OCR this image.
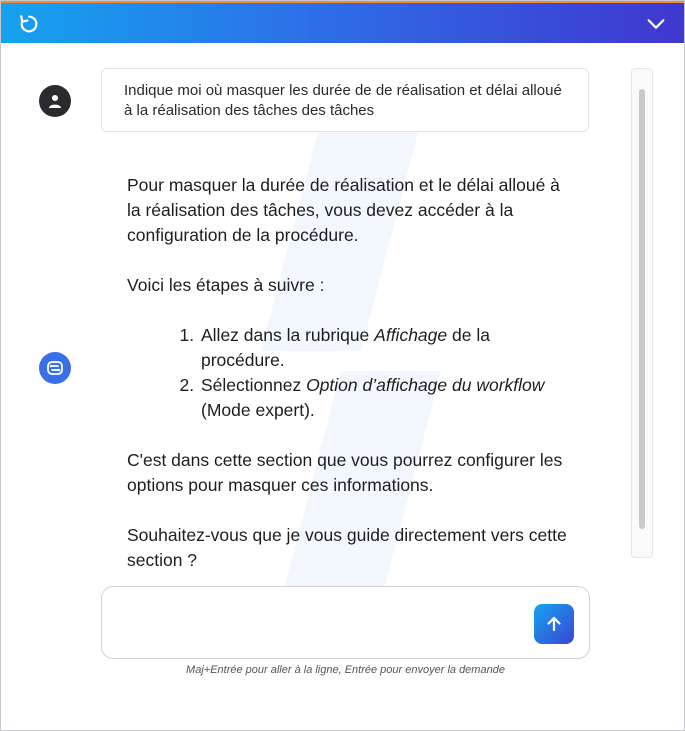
Indique moi où masquer les durée de de réalisation et délai alloué à la réalisation des tâches des tâches

Pour masquer la durée de réalisation et le délai alloué à la réalisation des tâches, vous devez accéder à la configuration de la procédure.

Voici les étapes à suivre :

1. Allez dans la rubrique Affichage de la procédure.
2. Sélectionnez Option d’affichage du workflow (Mode expert).

C'est dans cette section que vous pourrez configurer les options pour masquer ces informations.

Souhaitez-vous que je vous guide directement vers cette section ?

Maj+Entrée pour aller à la ligne, Entrée pour envoyer la demande
